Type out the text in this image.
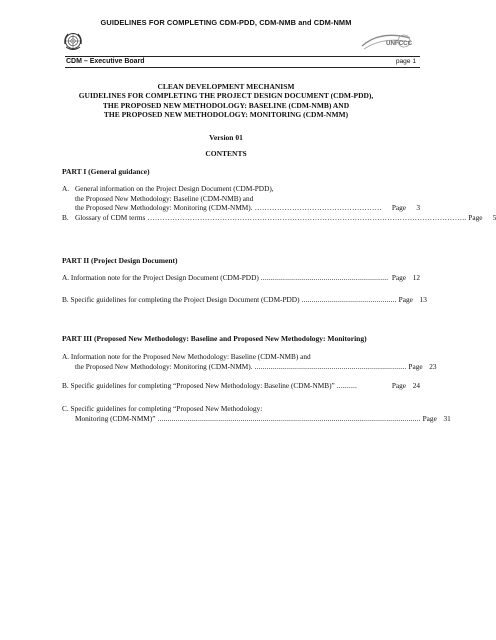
GUIDELINES FOR COMPLETING CDM-PDD, CDM-NMB and CDM-NMM
UNFCCC
CDM – Executive Board	page 1
CLEAN DEVELOPMENT MECHANISM
GUIDELINES FOR COMPLETING THE PROJECT DESIGN DOCUMENT (CDM-PDD),
THE PROPOSED NEW METHODOLOGY: BASELINE (CDM-NMB) AND
THE PROPOSED NEW METHODOLOGY: MONITORING (CDM-NMM)
Version 01
CONTENTS
PART I (General guidance)
A. General information on the Project Design Document (CDM-PDD),
the Proposed New Methodology: Baseline (CDM-NMB) and
the Proposed New Methodology: Monitoring (CDM-NMM). ……………………………………………	Page	3
B. Glossary of CDM terms ……………………………………………………………………………………………………………….. Page	5
PART II (Project Design Document)
A. Information note for the Project Design Document (CDM-PDD) ............................................................... Page 12
B. Specific guidelines for completing the Project Design Document (CDM-PDD) ............................................... Page 13
PART III (Proposed New Methodology: Baseline and Proposed New Methodology: Monitoring)
A. Information note for the Proposed New Methodology: Baseline (CDM-NMB) and
the Proposed New Methodology: Monitoring (CDM-NMM). ........................................................................... Page 23
B. Specific guidelines for completing “Proposed New Methodology: Baseline (CDM-NMB)” ..........	Page 24
C. Specific guidelines for completing “Proposed New Methodology:
Monitoring (CDM-NMM)” .................................................................................................................................. Page 31
